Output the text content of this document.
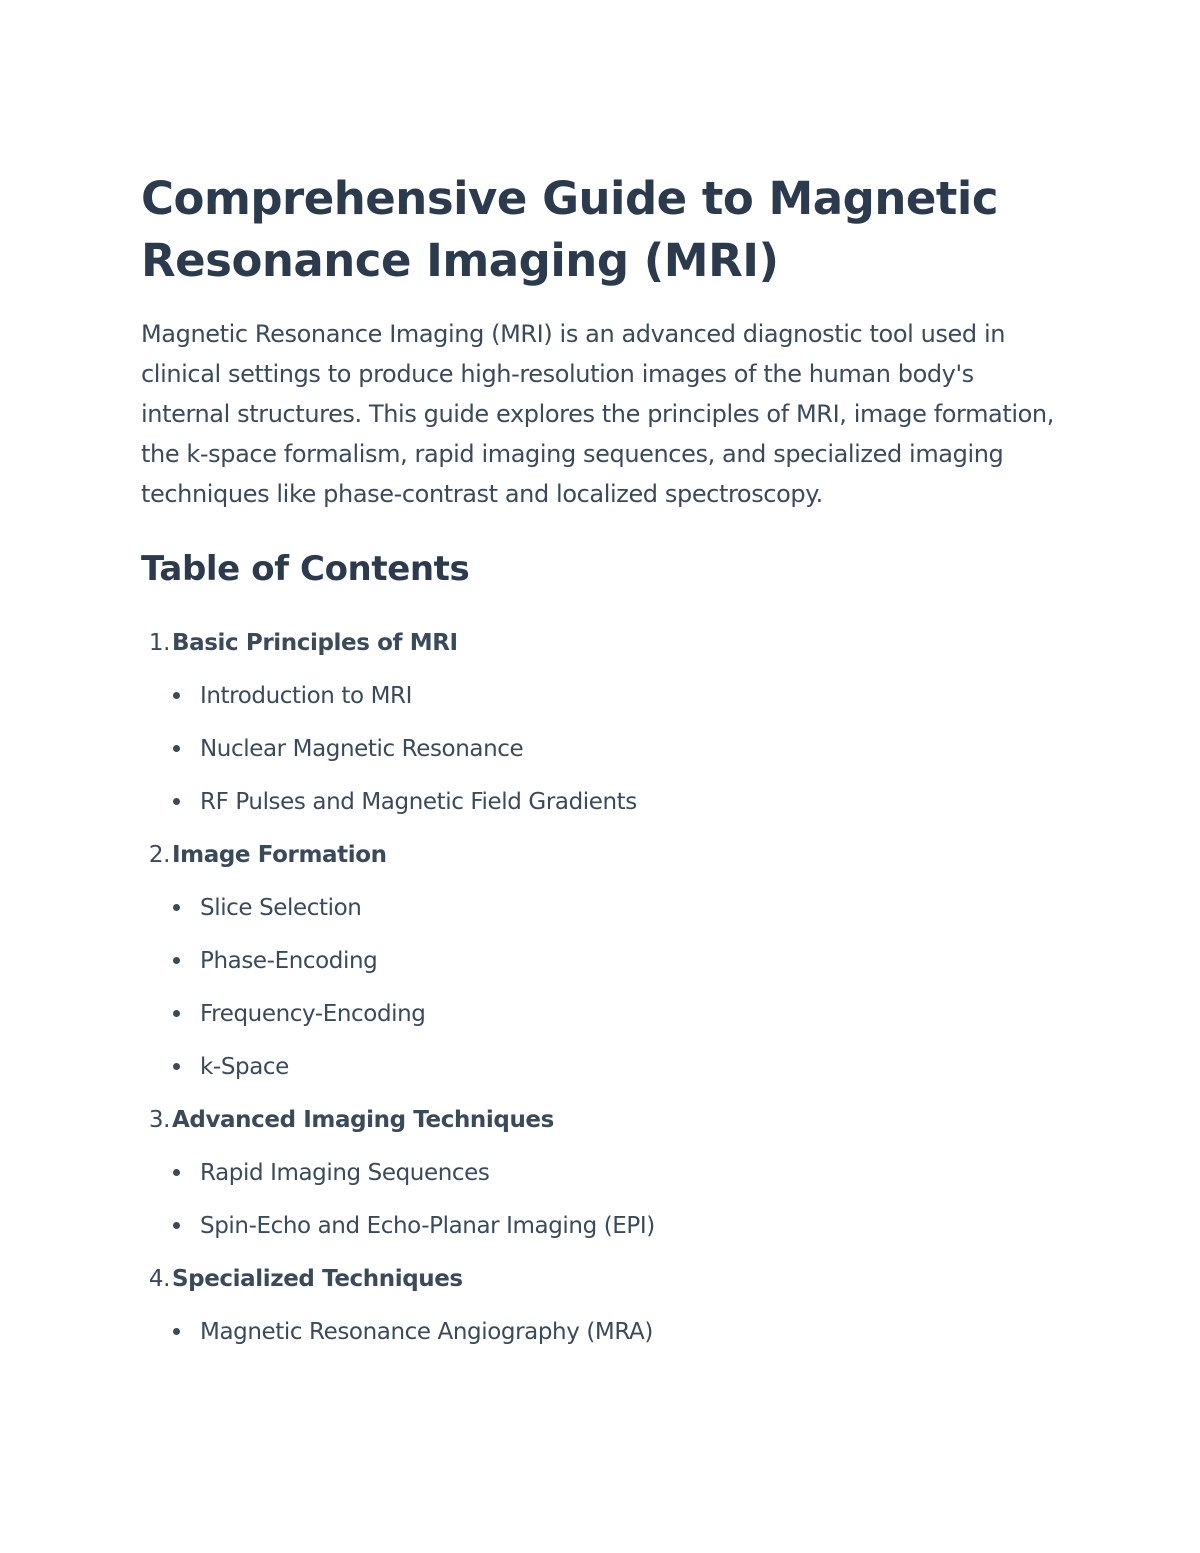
Comprehensive Guide to Magnetic Resonance Imaging (MRI)

Magnetic Resonance Imaging (MRI) is an advanced diagnostic tool used in clinical settings to produce high-resolution images of the human body's internal structures. This guide explores the principles of MRI, image formation, the k-space formalism, rapid imaging sequences, and specialized imaging techniques like phase-contrast and localized spectroscopy.

Table of Contents
1. Basic Principles of MRI
Introduction to MRI
Nuclear Magnetic Resonance
RF Pulses and Magnetic Field Gradients
2. Image Formation
Slice Selection
Phase-Encoding
Frequency-Encoding
k-Space
3. Advanced Imaging Techniques
Rapid Imaging Sequences
Spin-Echo and Echo-Planar Imaging (EPI)
4. Specialized Techniques
Magnetic Resonance Angiography (MRA)
